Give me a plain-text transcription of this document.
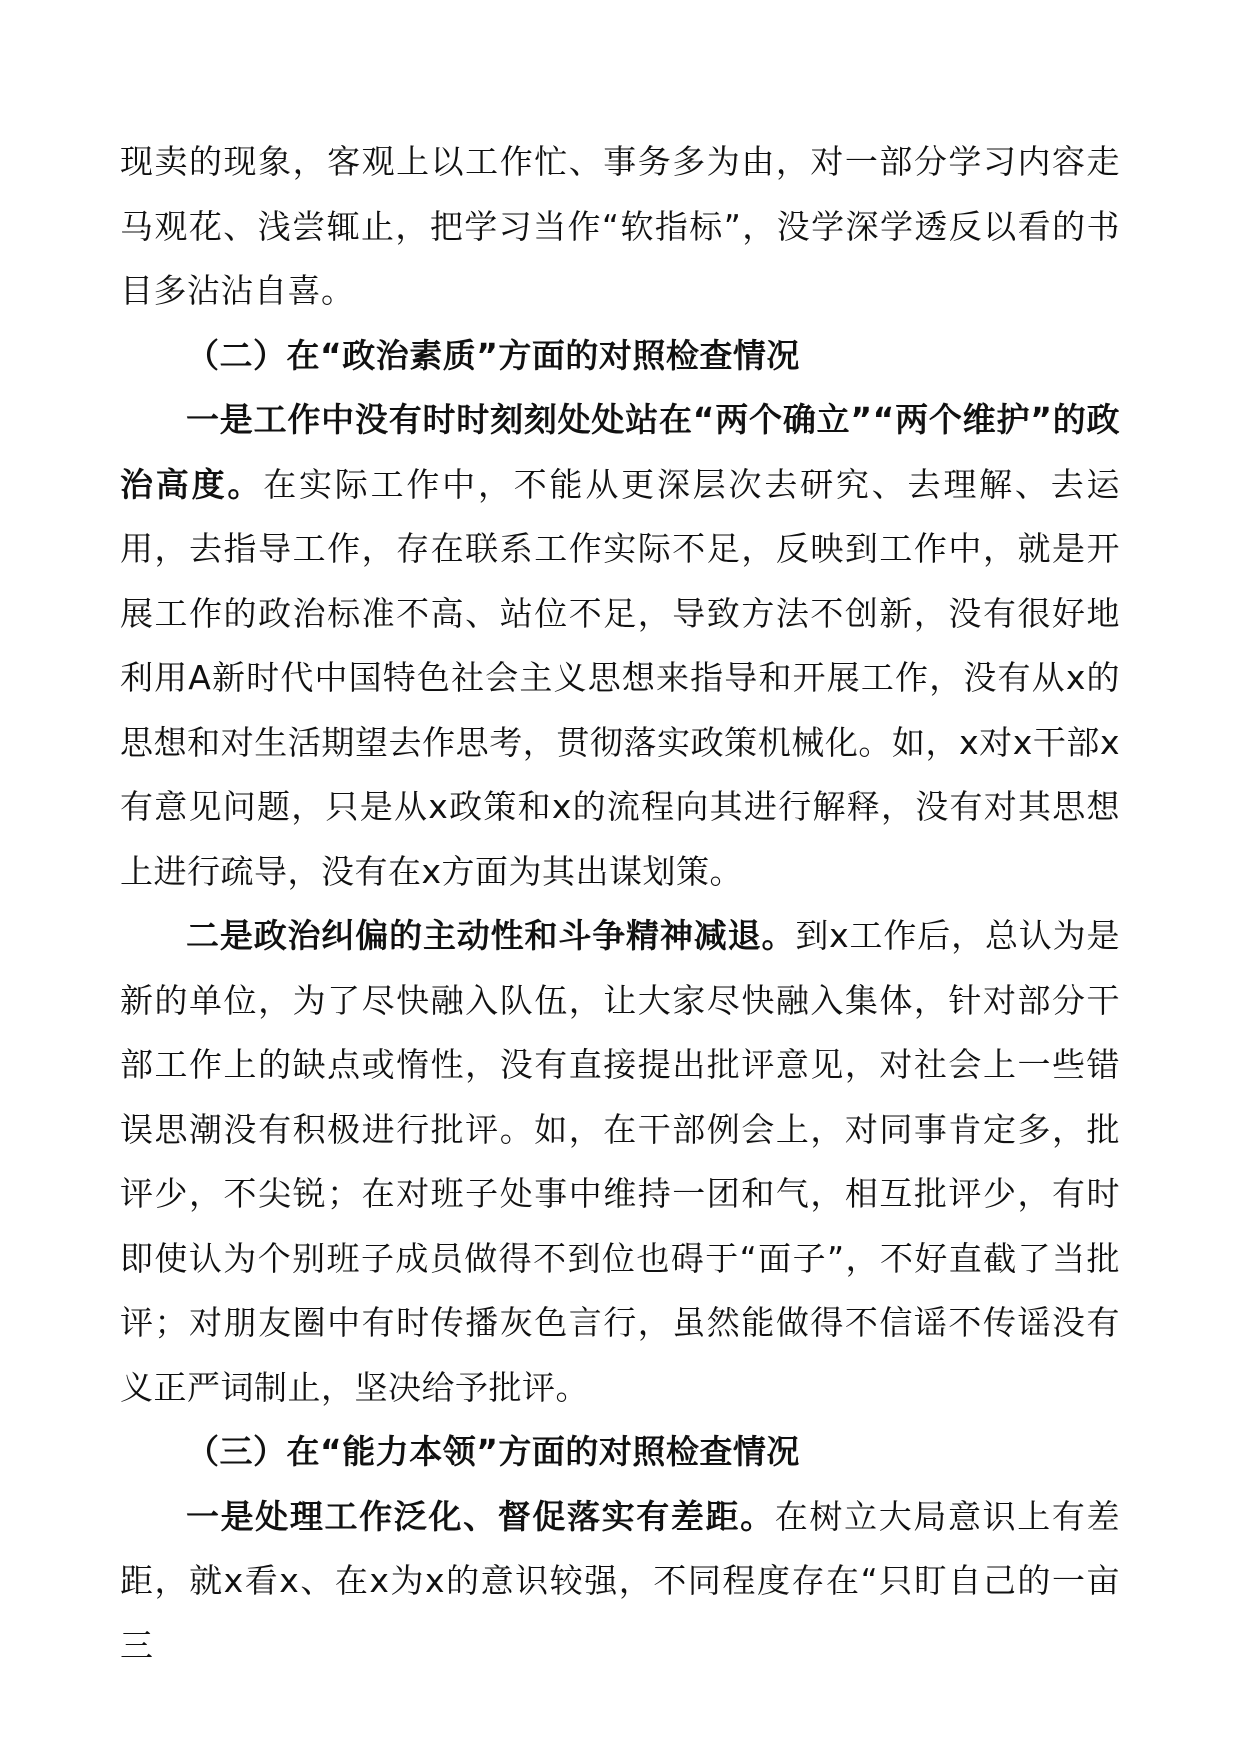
现卖的现象，客观上以工作忙、事务多为由，对一部分学习内容走马观花、浅尝辄止，把学习当作“软指标”，没学深学透反以看的书目多沾沾自喜。

（二）在“政治素质”方面的对照检查情况

一是工作中没有时时刻刻处处站在“两个确立”“两个维护”的政治高度。在实际工作中，不能从更深层次去研究、去理解、去运用，去指导工作，存在联系工作实际不足，反映到工作中，就是开展工作的政治标准不高、站位不足，导致方法不创新，没有很好地利用A新时代中国特色社会主义思想来指导和开展工作，没有从x的思想和对生活期望去作思考，贯彻落实政策机械化。如，x对x干部x有意见问题，只是从x政策和x的流程向其进行解释，没有对其思想上进行疏导，没有在x方面为其出谋划策。

二是政治纠偏的主动性和斗争精神减退。到x工作后，总认为是新的单位，为了尽快融入队伍，让大家尽快融入集体，针对部分干部工作上的缺点或惰性，没有直接提出批评意见，对社会上一些错误思潮没有积极进行批评。如，在干部例会上，对同事肯定多，批评少，不尖锐；在对班子处事中维持一团和气，相互批评少，有时即使认为个别班子成员做得不到位也碍于“面子”，不好直截了当批评；对朋友圈中有时传播灰色言行，虽然能做得不信谣不传谣没有义正严词制止，坚决给予批评。

（三）在“能力本领”方面的对照检查情况

一是处理工作泛化、督促落实有差距。在树立大局意识上有差距，就x看x、在x为x的意识较强，不同程度存在“只盯自己的一亩三
